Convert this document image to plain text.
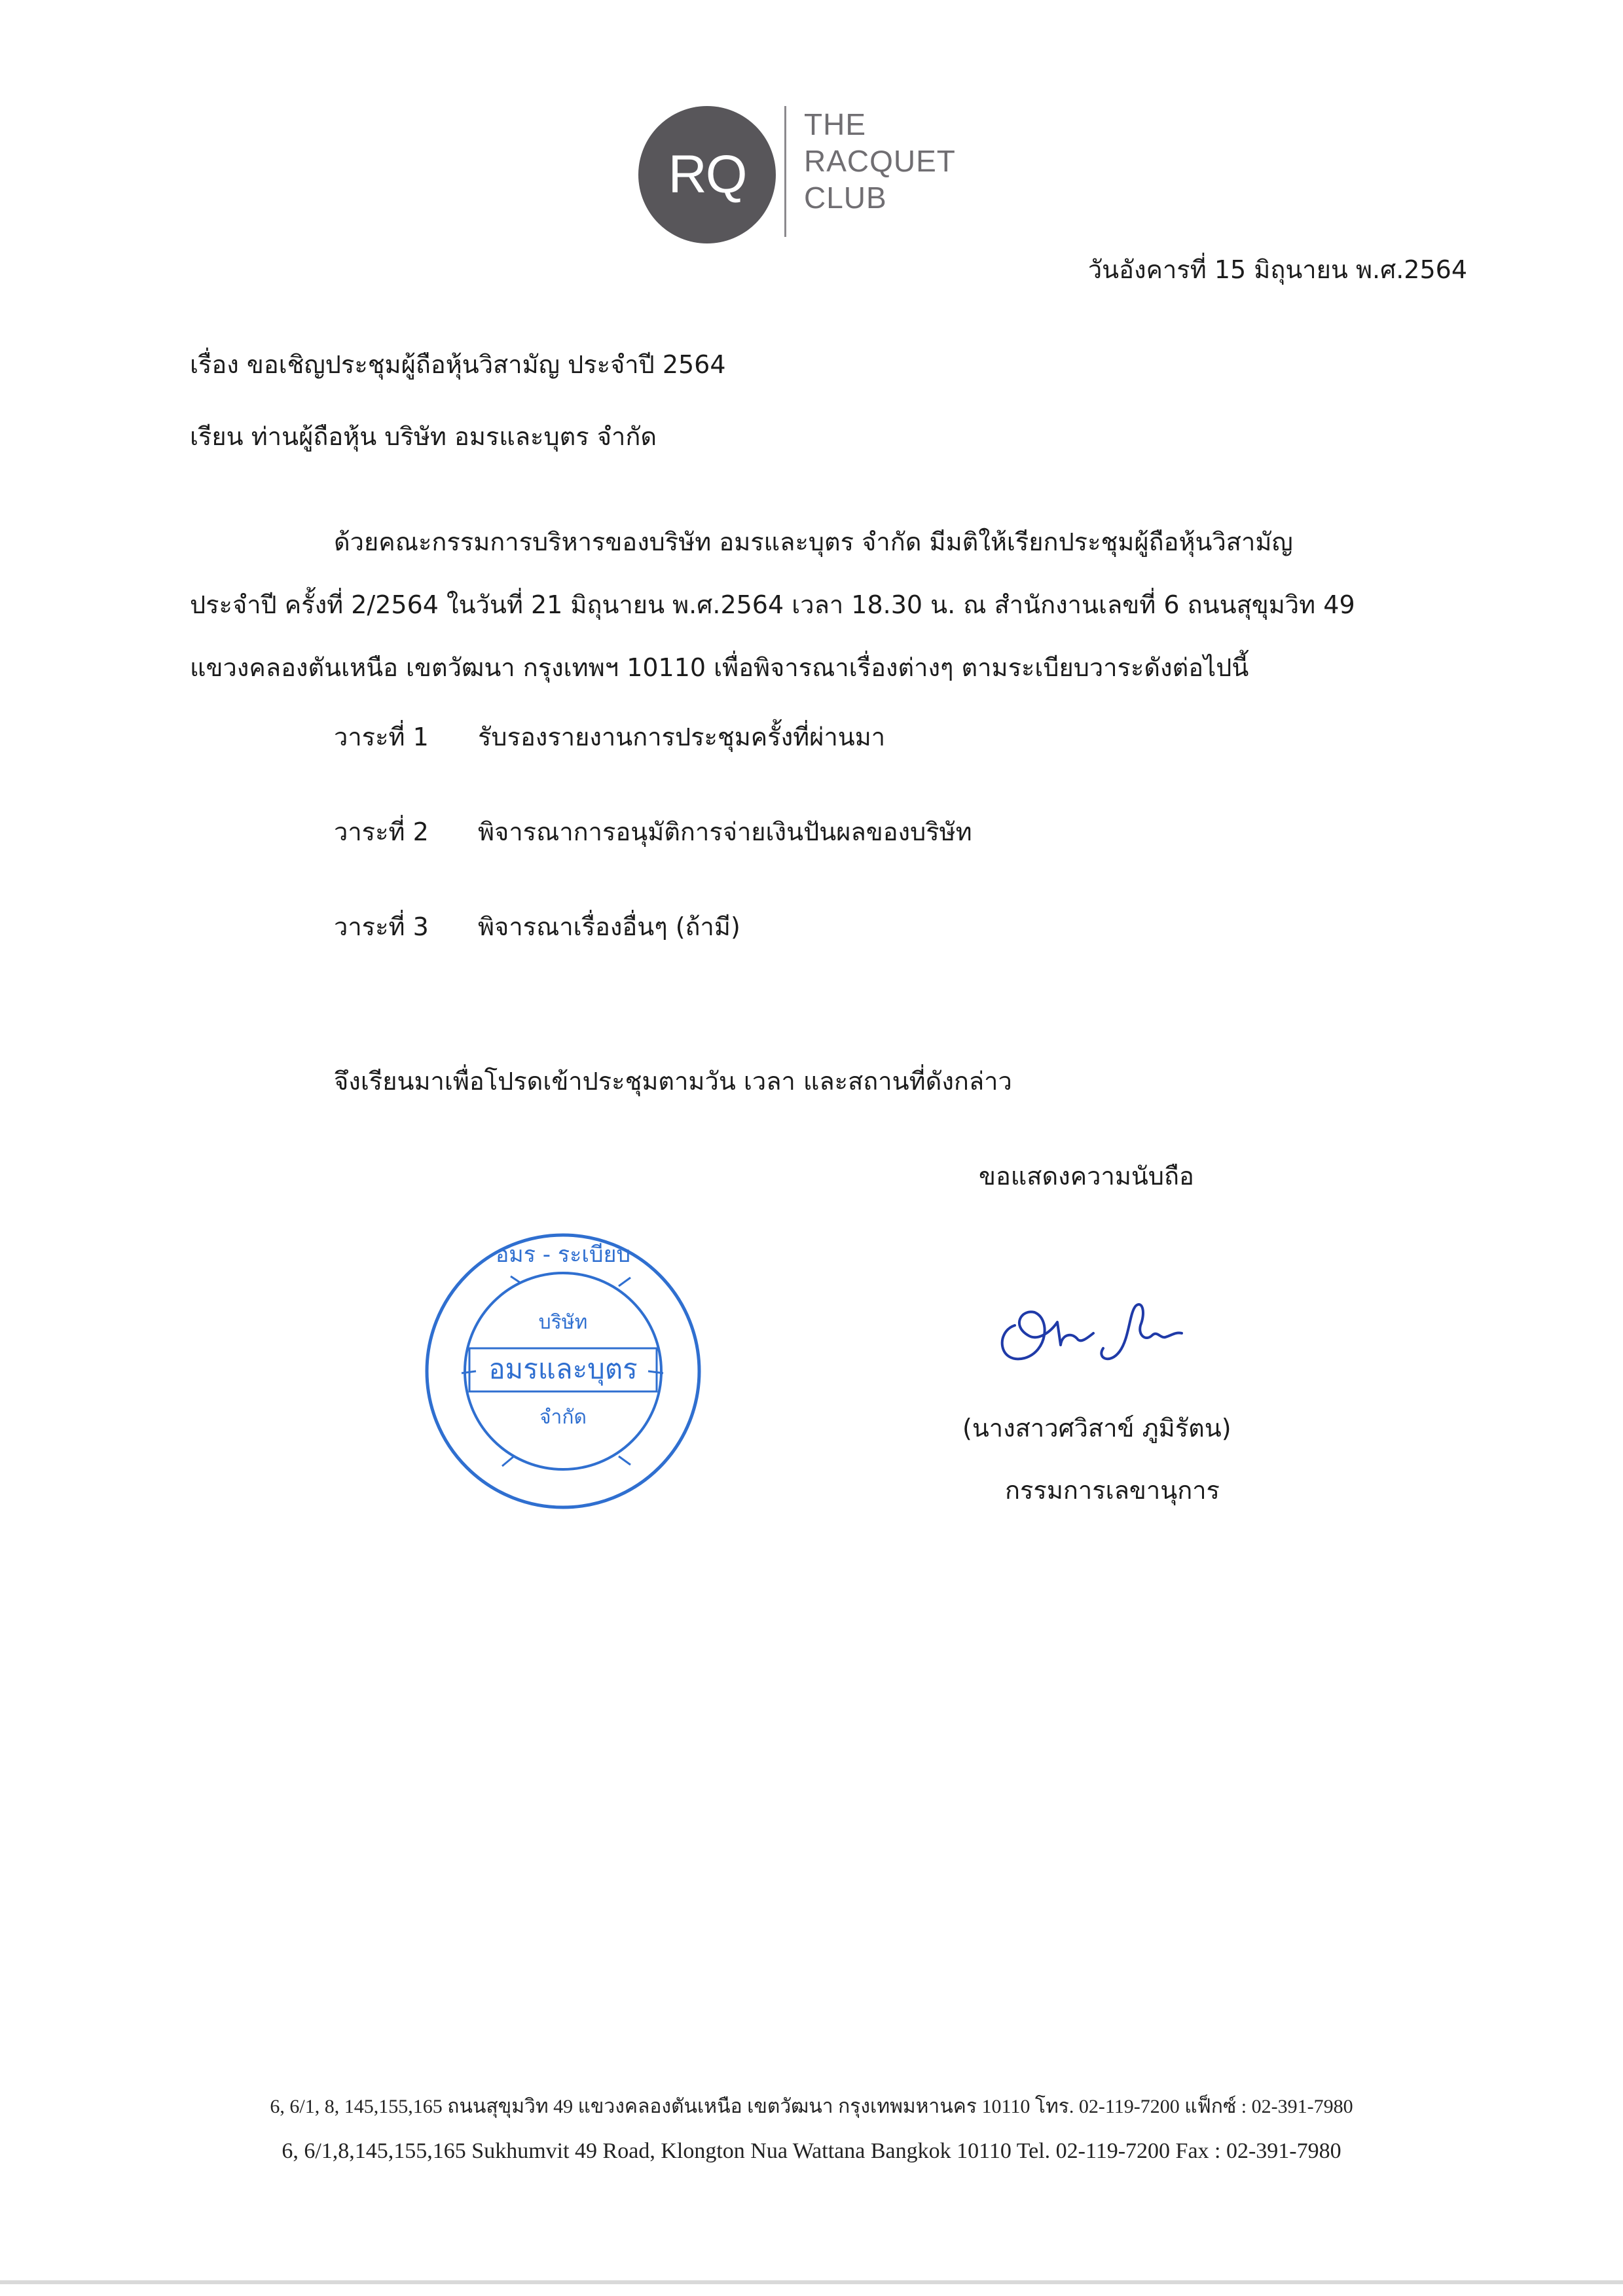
RQ
THE
RACQUET
CLUB
วันอังคารที่ 15 มิถุนายน พ.ศ.2564
เรื่อง ขอเชิญประชุมผู้ถือหุ้นวิสามัญ ประจำปี 2564
เรียน ท่านผู้ถือหุ้น บริษัท อมรและบุตร จำกัด
ด้วยคณะกรรมการบริหารของบริษัท อมรและบุตร จำกัด มีมติให้เรียกประชุมผู้ถือหุ้นวิสามัญ
ประจำปี ครั้งที่ 2/2564 ในวันที่ 21 มิถุนายน พ.ศ.2564 เวลา 18.30 น. ณ สำนักงานเลขที่ 6 ถนนสุขุมวิท 49
แขวงคลองตันเหนือ เขตวัฒนา กรุงเทพฯ 10110 เพื่อพิจารณาเรื่องต่างๆ ตามระเบียบวาระดังต่อไปนี้
วาระที่ 1 รับรองรายงานการประชุมครั้งที่ผ่านมา
วาระที่ 2 พิจารณาการอนุมัติการจ่ายเงินปันผลของบริษัท
วาระที่ 3 พิจารณาเรื่องอื่นๆ (ถ้ามี)
จึงเรียนมาเพื่อโปรดเข้าประชุมตามวัน เวลา และสถานที่ดังกล่าว
ขอแสดงความนับถือ
อมร - ระเบียบ
บริษัท
อมรและบุตร
จำกัด	(นางสาวศวิสาข์ ภูมิรัตน)
กรรมการเลขานุการ
6, 6/1, 8, 145,155,165 ถนนสุขุมวิท 49 แขวงคลองตันเหนือ เขตวัฒนา กรุงเทพมหานคร 10110 โทร. 02-119-7200 แฟ็กซ์ : 02-391-7980
6, 6/1,8,145,155,165 Sukhumvit 49 Road, Klongton Nua Wattana Bangkok 10110 Tel. 02-119-7200 Fax : 02-391-7980
